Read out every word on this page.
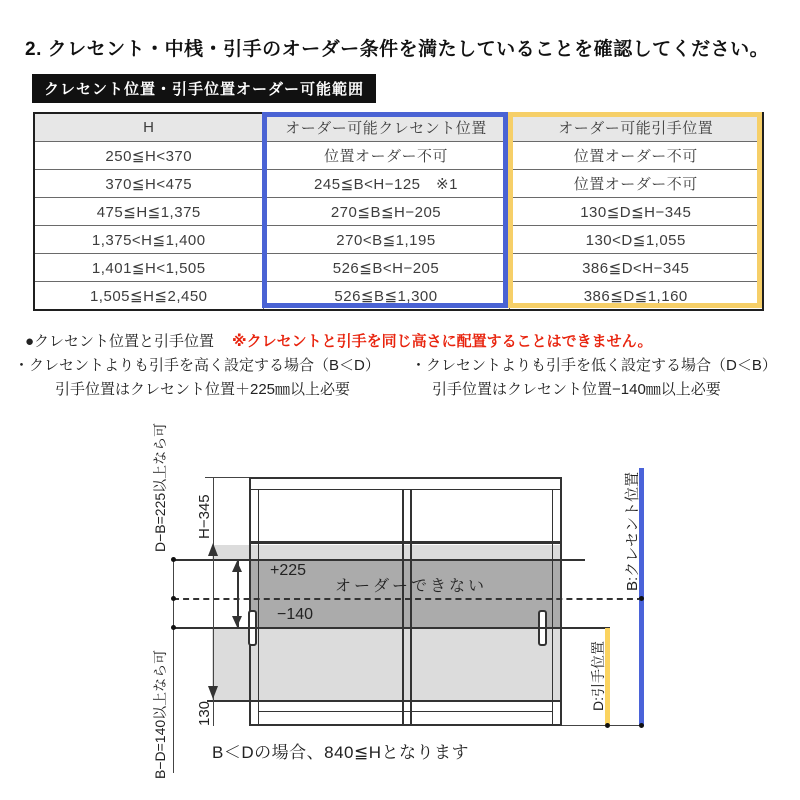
2. クレセント・中桟・引手のオーダー条件を満たしていることを確認してください。
クレセント位置・引手位置オーダー可能範囲
H	オーダー可能クレセント位置	オーダー可能引手位置
250≦H<370	位置オーダー不可	位置オーダー不可
370≦H<475	245≦B<H−125　※1	位置オーダー不可
475≦H≦1,375	270≦B≦H−205	130≦D≦H−345
1,375<H≦1,400	270<B≦1,195	130<D≦1,055
1,401≦H<1,505	526≦B<H−205	386≦D<H−345
1,505≦H≦2,450	526≦B≦1,300	386≦D≦1,160
●クレセント位置と引手位置 ※クレセントと引手を同じ高さに配置することはできません。
・クレセントよりも引手を高く設定する場合（B＜D） ・クレセントよりも引手を低く設定する場合（D＜B）
引手位置はクレセント位置＋225㎜以上必要	引手位置はクレセント位置−140㎜以上必要
+225
−140
オーダーできない
B＜Dの場合、840≦Hとなります
D−B=225以上なら可
B−D=140以上なら可
H−345
130
B:クレセント位置
D:引手位置
